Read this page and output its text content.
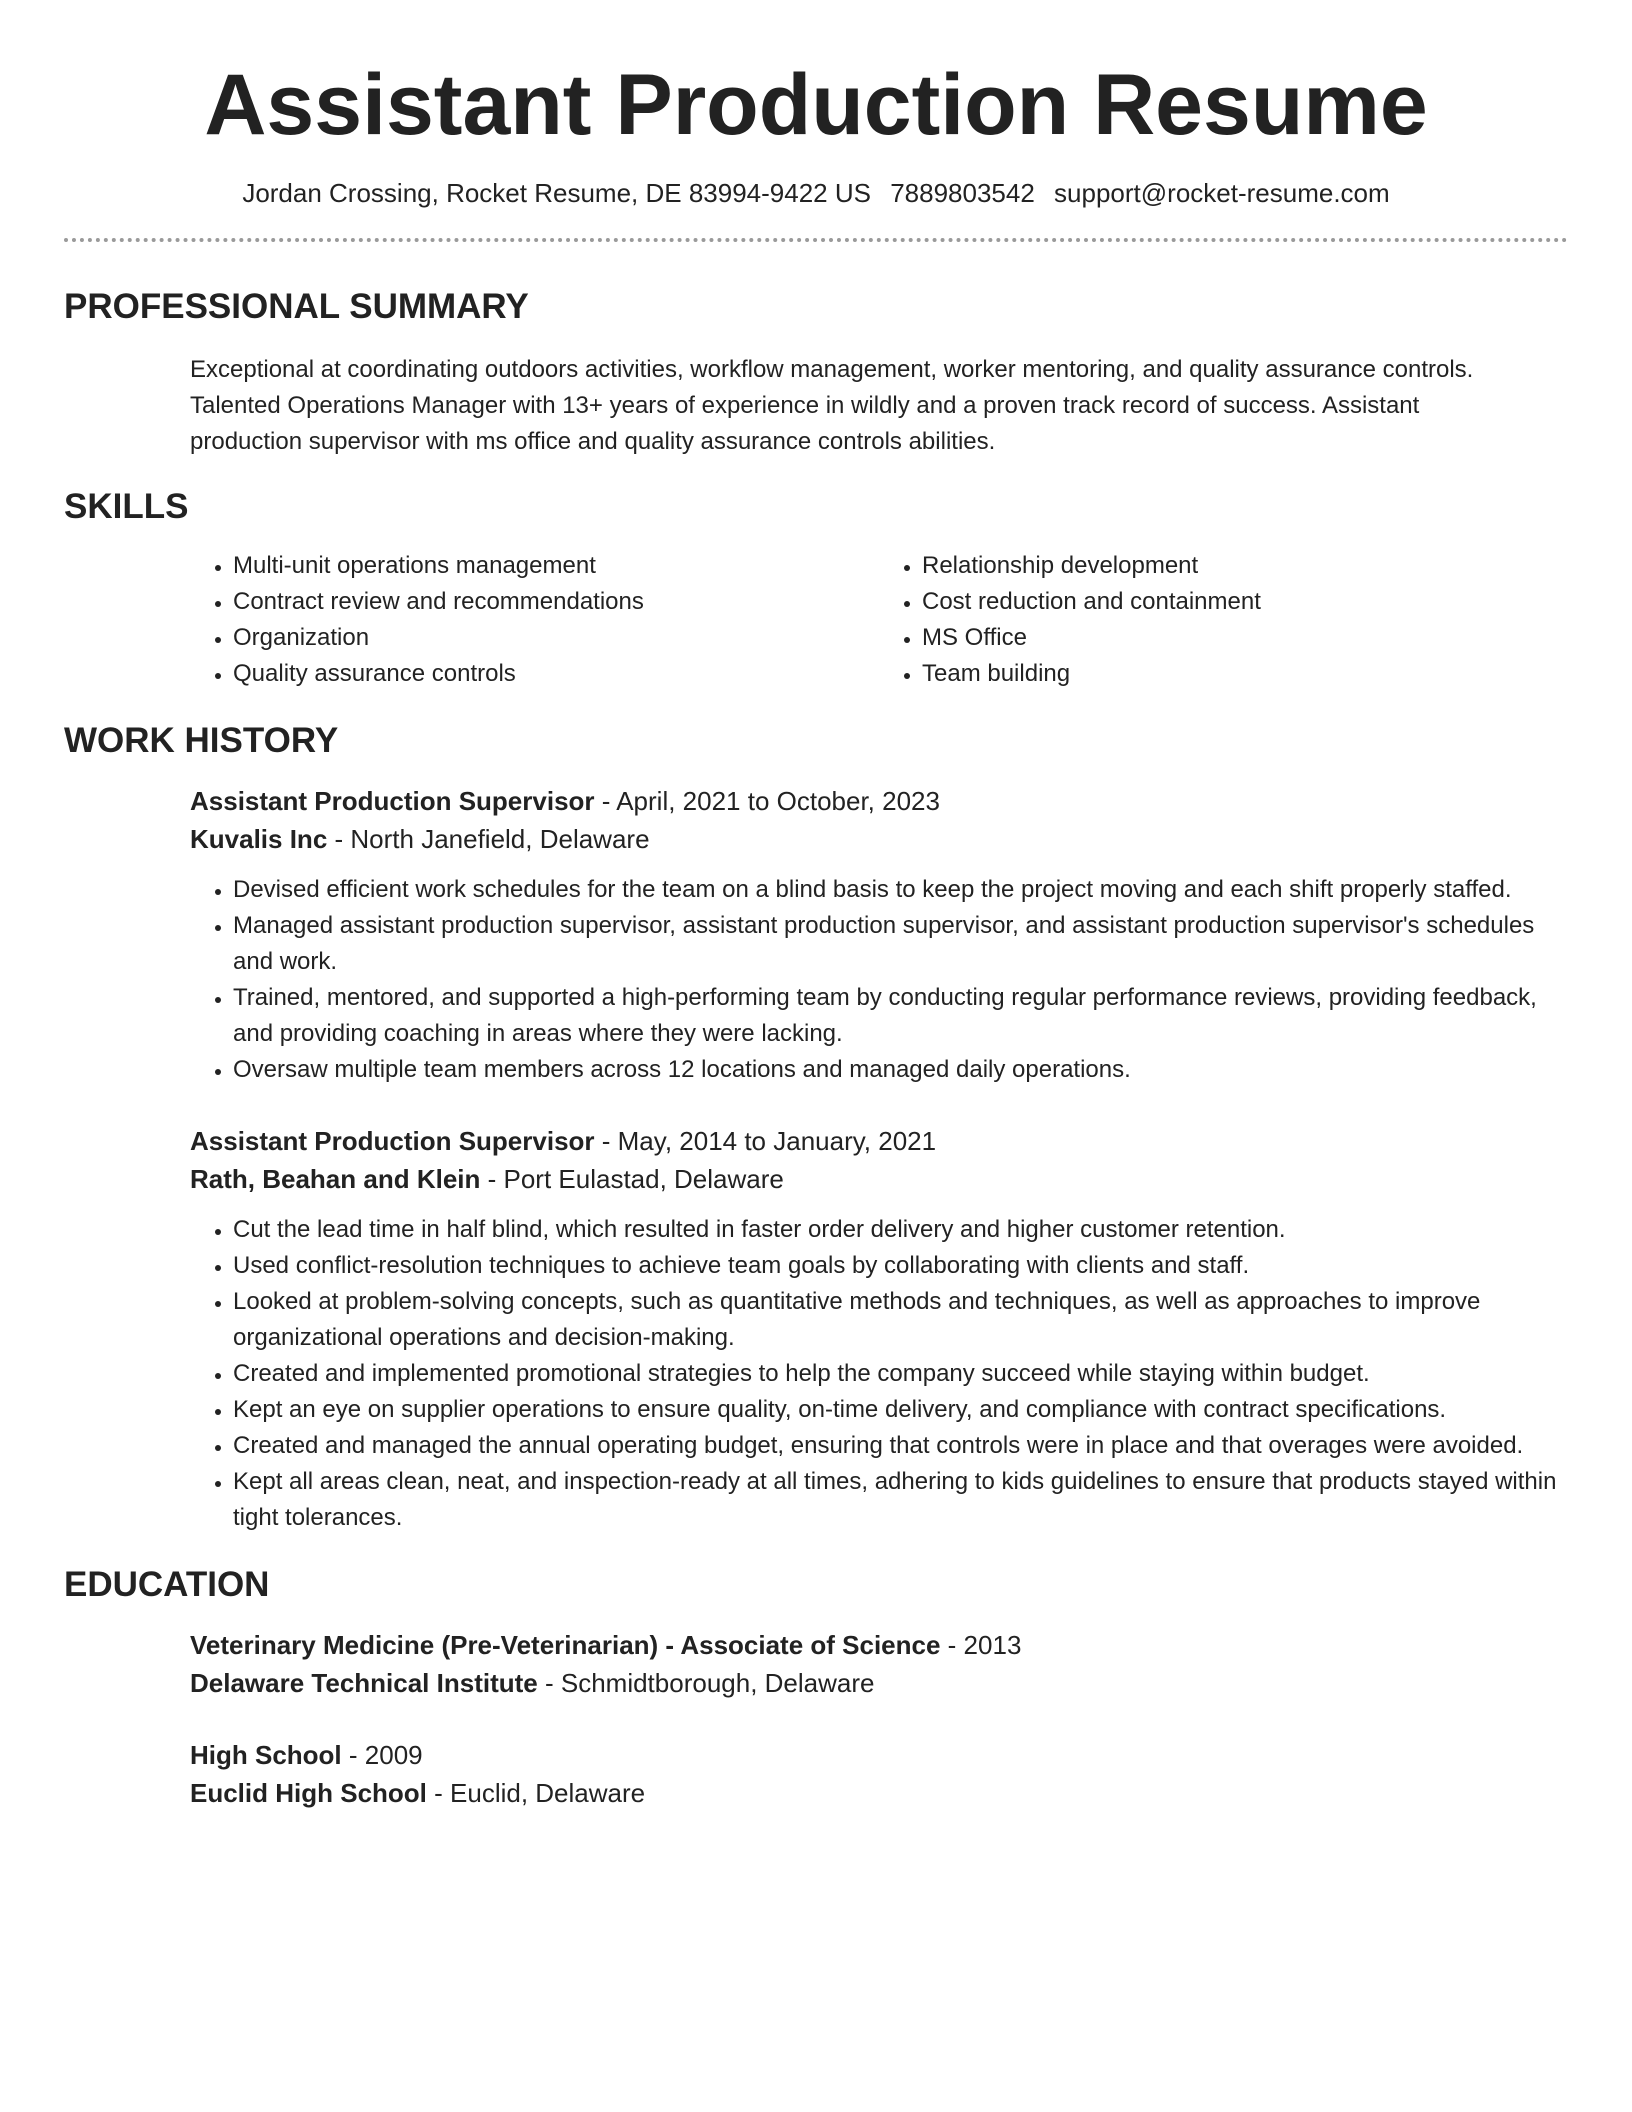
Assistant Production Resume
Jordan Crossing, Rocket Resume, DE 83994-9422 US 7889803542 support@rocket-resume.com
PROFESSIONAL SUMMARY
Exceptional at coordinating outdoors activities, workflow management, worker mentoring, and quality assurance controls. Talented Operations Manager with 13+ years of experience in wildly and a proven track record of success. Assistant production supervisor with ms office and quality assurance controls abilities.
SKILLS
• Multi-unit operations management
• Contract review and recommendations
• Organization
• Quality assurance controls
• Relationship development
• Cost reduction and containment
• MS Office
• Team building
WORK HISTORY
Assistant Production Supervisor - April, 2021 to October, 2023
Kuvalis Inc - North Janefield, Delaware
• Devised efficient work schedules for the team on a blind basis to keep the project moving and each shift properly staffed.
• Managed assistant production supervisor, assistant production supervisor, and assistant production supervisor's schedules and work.
• Trained, mentored, and supported a high-performing team by conducting regular performance reviews, providing feedback, and providing coaching in areas where they were lacking.
• Oversaw multiple team members across 12 locations and managed daily operations.
Assistant Production Supervisor - May, 2014 to January, 2021
Rath, Beahan and Klein - Port Eulastad, Delaware
• Cut the lead time in half blind, which resulted in faster order delivery and higher customer retention.
• Used conflict-resolution techniques to achieve team goals by collaborating with clients and staff.
• Looked at problem-solving concepts, such as quantitative methods and techniques, as well as approaches to improve organizational operations and decision-making.
• Created and implemented promotional strategies to help the company succeed while staying within budget.
• Kept an eye on supplier operations to ensure quality, on-time delivery, and compliance with contract specifications.
• Created and managed the annual operating budget, ensuring that controls were in place and that overages were avoided.
• Kept all areas clean, neat, and inspection-ready at all times, adhering to kids guidelines to ensure that products stayed within tight tolerances.
EDUCATION
Veterinary Medicine (Pre-Veterinarian) - Associate of Science - 2013
Delaware Technical Institute - Schmidtborough, Delaware
High School - 2009
Euclid High School - Euclid, Delaware
